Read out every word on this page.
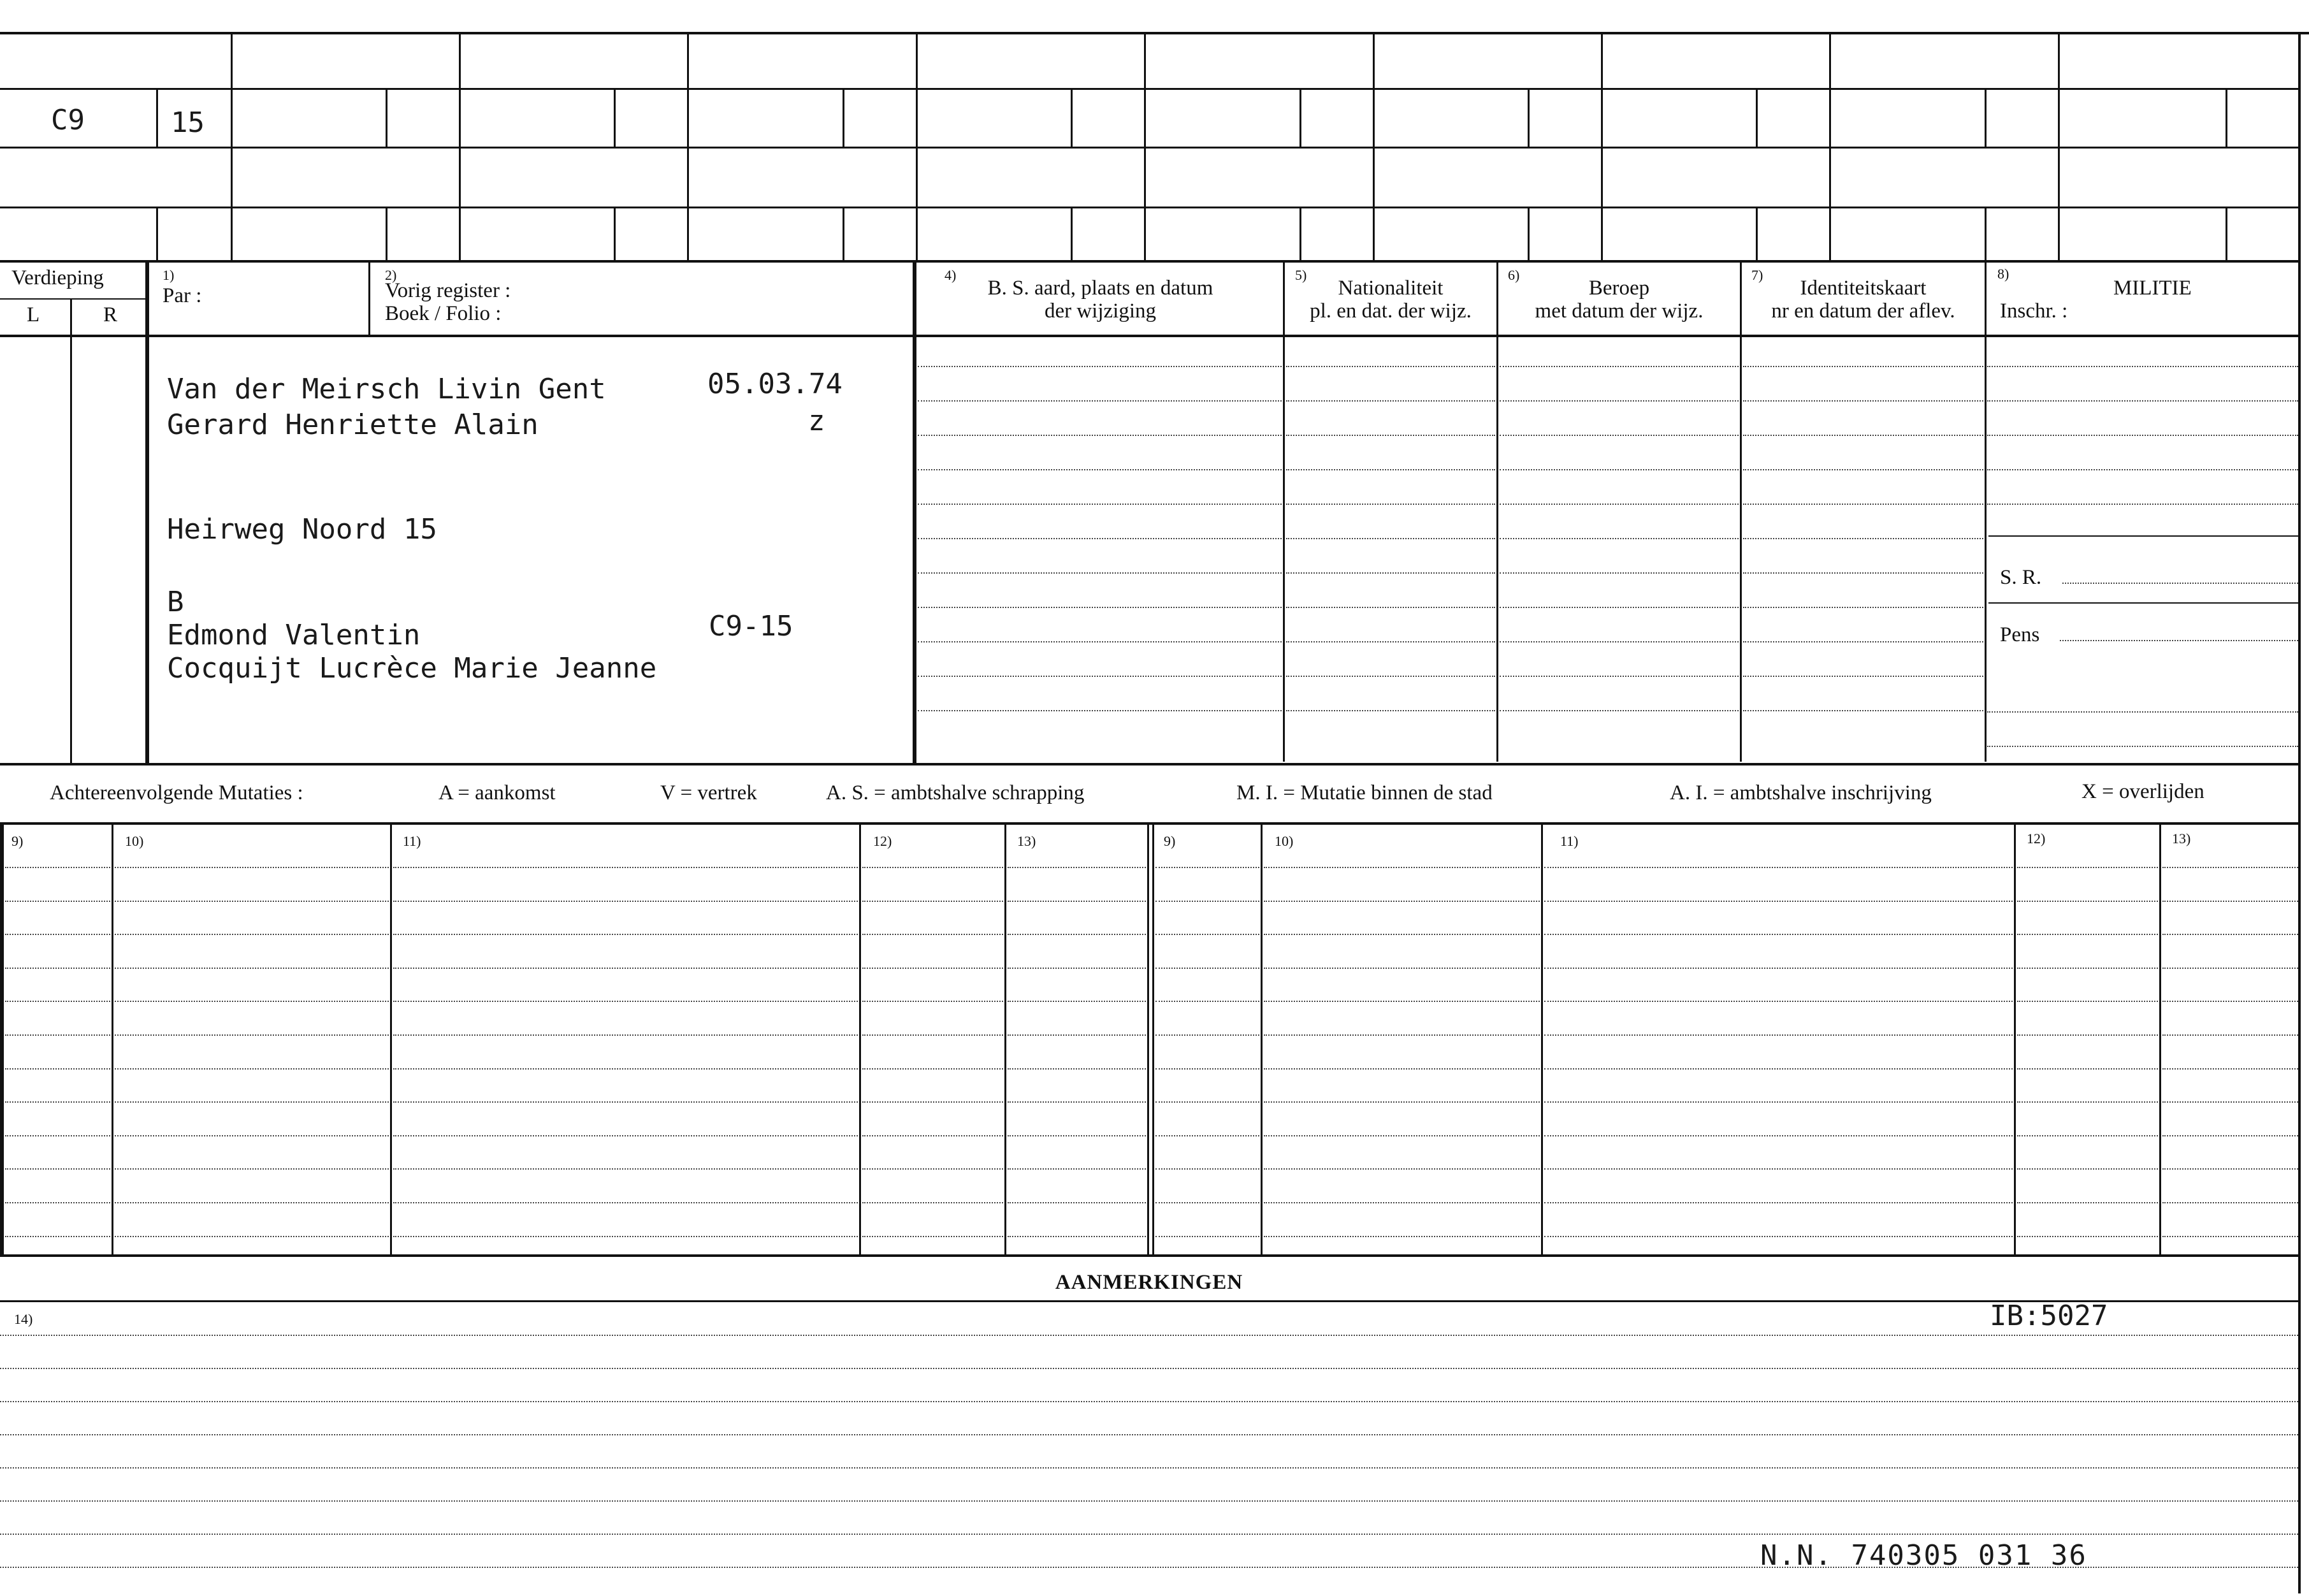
C9	15
Verdieping
L	R
1)
Par :
2)
Vorig register :
Boek / Folio :
4)
B. S. aard, plaats en datum
der wijziging
5)
Nationaliteit
pl. en dat. der wijz.
6)
Beroep
met datum der wijz.
7)
Identiteitskaart
nr en datum der aflev.
8)
MILITIE
Inschr. :
Van der Meirsch Livin Gent	05.03.74
Gerard Henriette Alain	z
Heirweg Noord 15
B
Edmond Valentin	C9-15
Cocquijt Lucrèce Marie Jeanne
S. R.
Pens
Achtereenvolgende Mutaties :	A = aankomst	V = vertrek	A. S. = ambtshalve schrapping	M. I. = Mutatie binnen de stad	A. I. = ambtshalve inschrijving	X = overlijden
9)	10)	11)	12)	13)	9)	10)	11)	12)	13)
AANMERKINGEN
14)	IB:5027
N.N. 740305 031 36
